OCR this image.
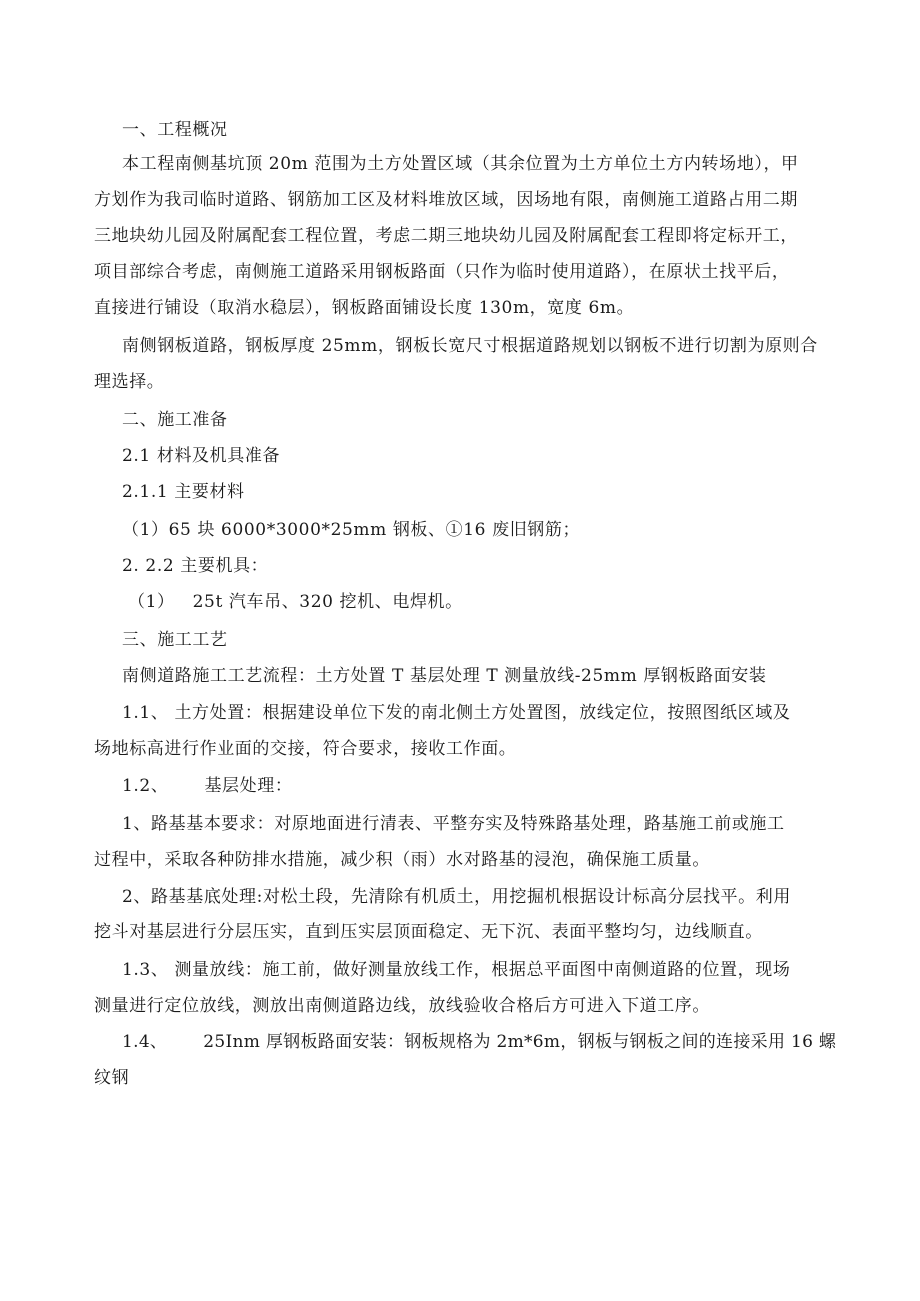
一、工程概况
本工程南侧基坑顶 20m 范围为土方处置区域（其余位置为土方单位土方内转场地），甲
方划作为我司临时道路、钢筋加工区及材料堆放区域，因场地有限，南侧施工道路占用二期
三地块幼儿园及附属配套工程位置，考虑二期三地块幼儿园及附属配套工程即将定标开工，
项目部综合考虑，南侧施工道路采用钢板路面（只作为临时使用道路），在原状土找平后，
直接进行铺设（取消水稳层），钢板路面铺设长度 130m，宽度 6m。
南侧钢板道路，钢板厚度 25mm，钢板长宽尺寸根据道路规划以钢板不进行切割为原则合
理选择。
二、施工准备
2.1 材料及机具准备
2.1.1 主要材料
（1）65 块 6000*3000*25mm 钢板、①16 废旧钢筋；
2. 2.2 主要机具：
（1） 25t 汽车吊、320 挖机、电焊机。
三、施工工艺
南侧道路施工工艺流程：土方处置 T 基层处理 T 测量放线-25mm 厚钢板路面安装
1.1、 土方处置：根据建设单位下发的南北侧土方处置图，放线定位，按照图纸区域及
场地标高进行作业面的交接，符合要求，接收工作面。
1.2、 基层处理：
1、路基基本要求：对原地面进行清表、平整夯实及特殊路基处理，路基施工前或施工
过程中，采取各种防排水措施，减少积（雨）水对路基的浸泡，确保施工质量。
2、路基基底处理:对松土段，先清除有机质土，用挖掘机根据设计标高分层找平。利用
挖斗对基层进行分层压实，直到压实层顶面稳定、无下沉、表面平整均匀，边线顺直。
1.3、 测量放线：施工前，做好测量放线工作，根据总平面图中南侧道路的位置，现场
测量进行定位放线，测放出南侧道路边线，放线验收合格后方可进入下道工序。
1.4、 25Inm 厚钢板路面安装：钢板规格为 2m*6m，钢板与钢板之间的连接采用 16 螺
纹钢
